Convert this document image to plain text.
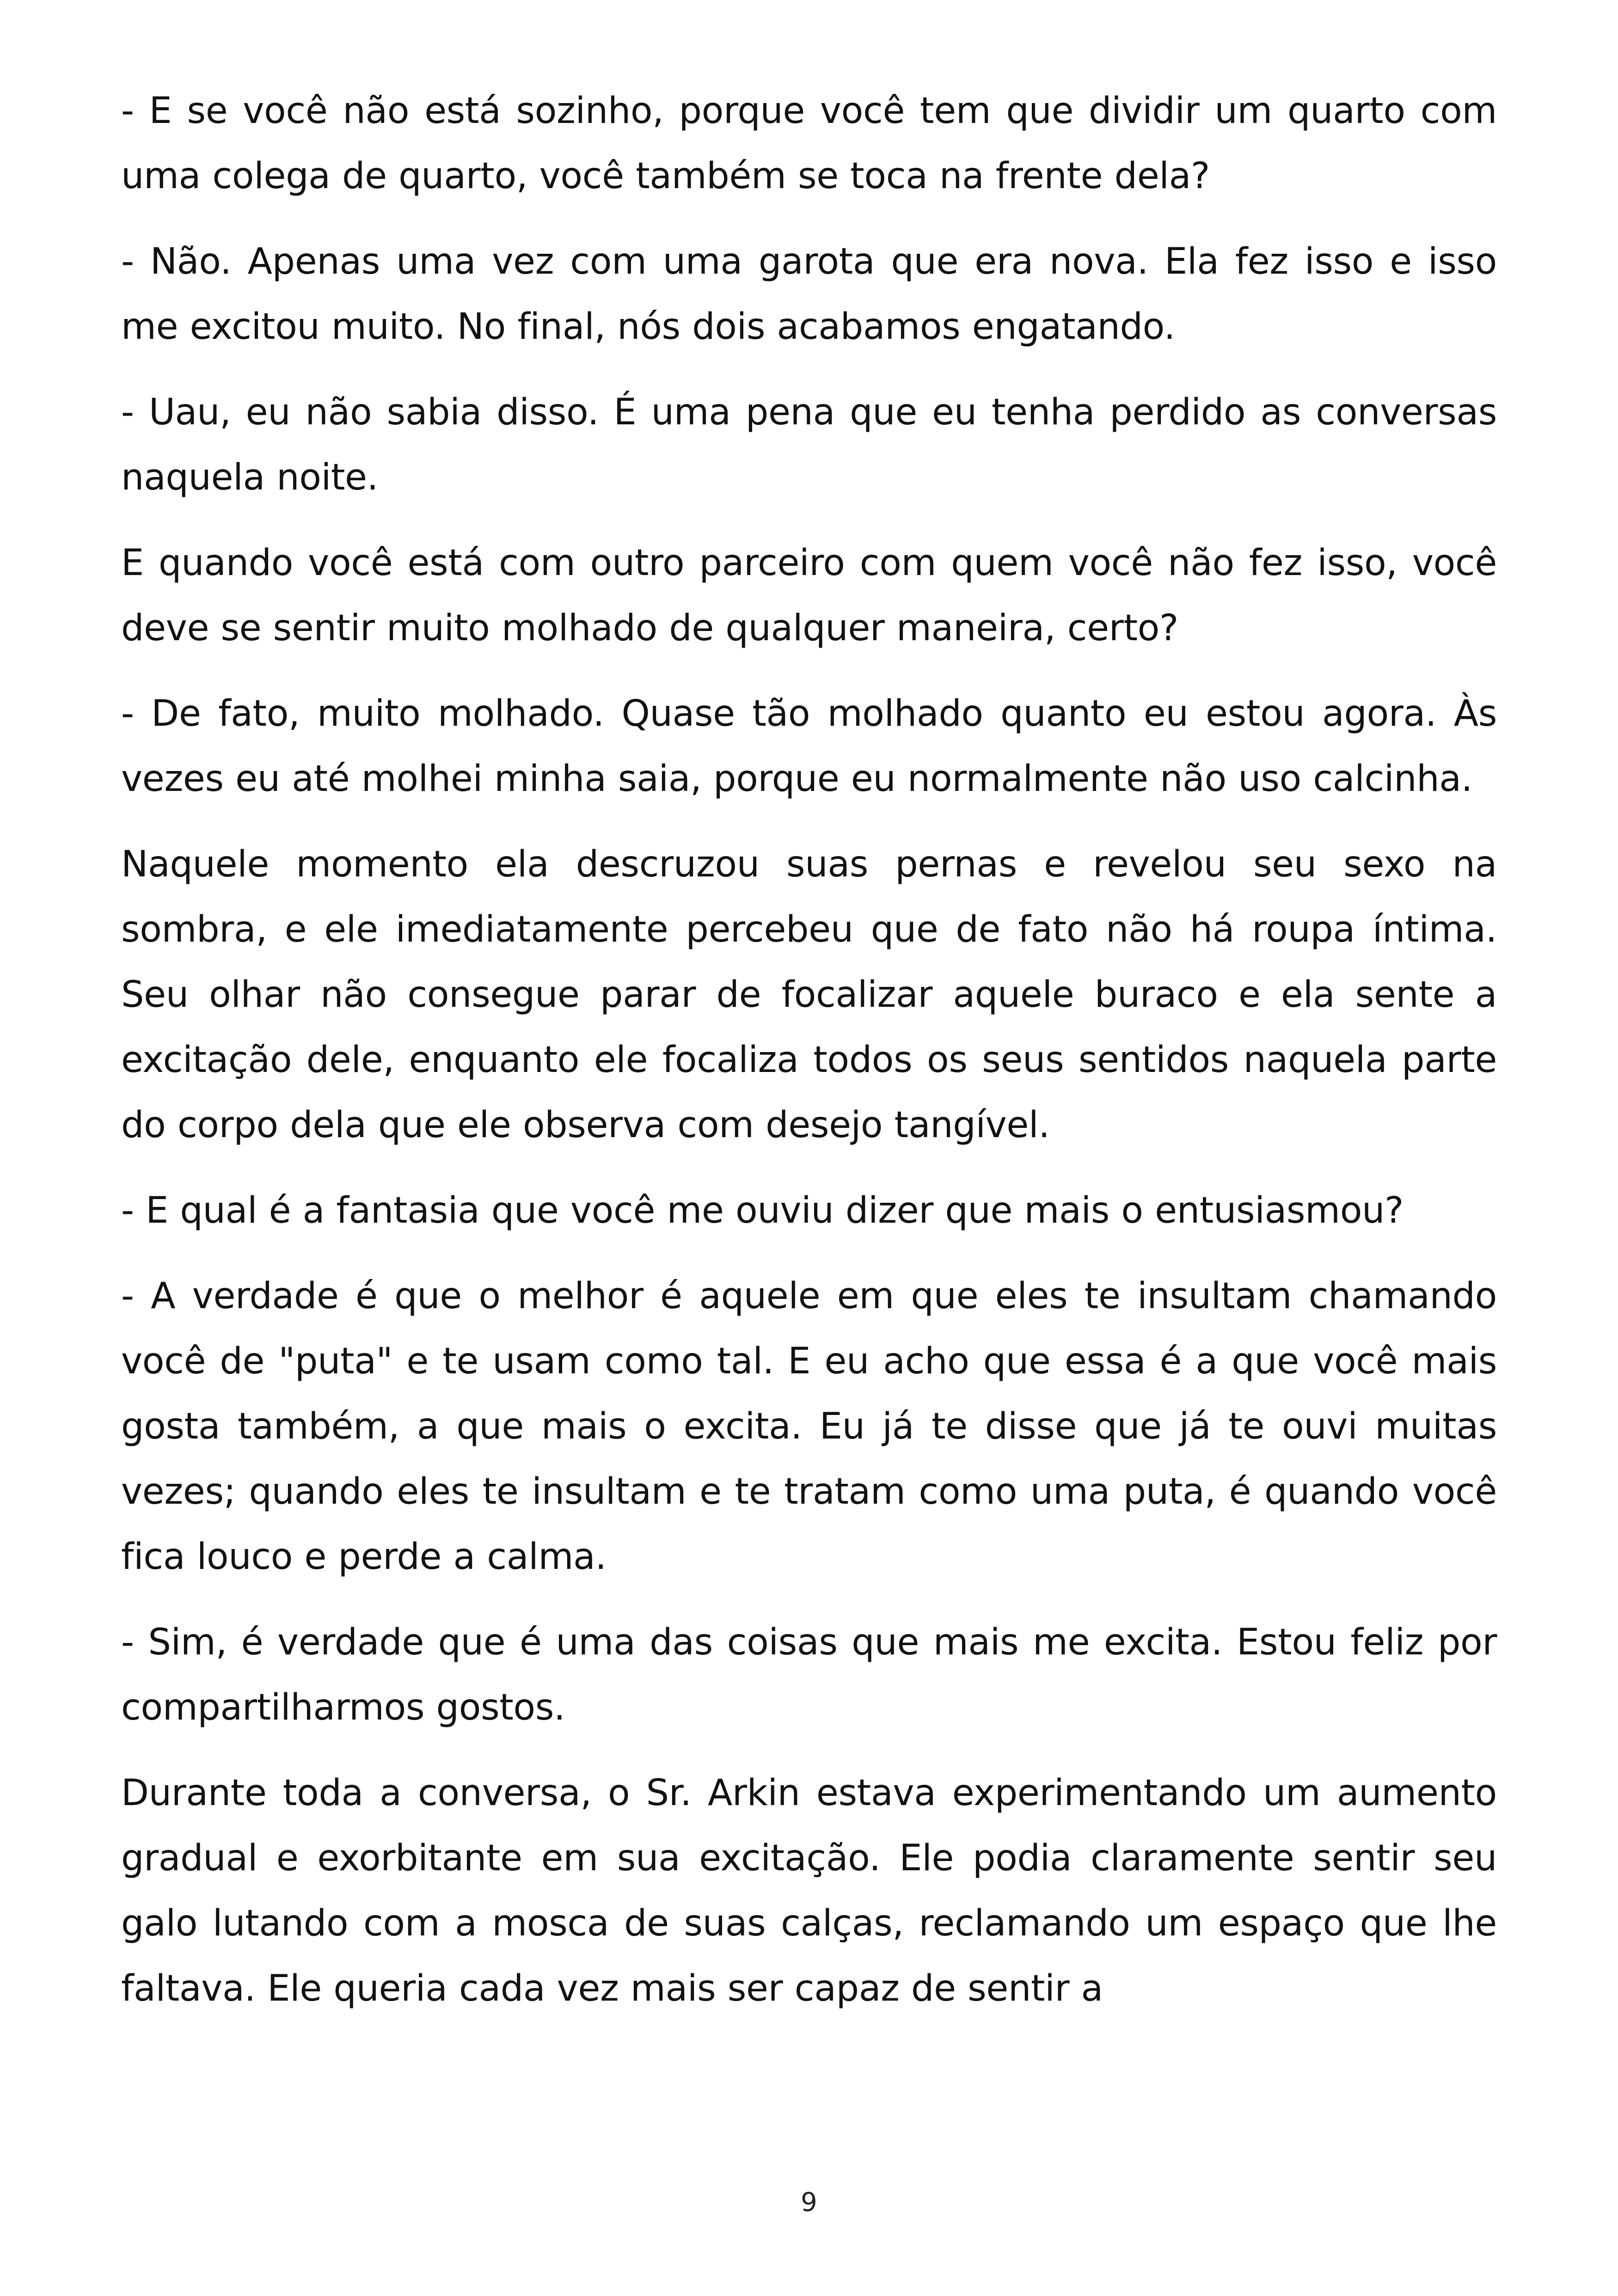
- E se você não está sozinho, porque você tem que dividir um quarto com uma colega de quarto, você também se toca na frente dela?

- Não. Apenas uma vez com uma garota que era nova. Ela fez isso e isso me excitou muito. No final, nós dois acabamos engatando.

- Uau, eu não sabia disso. É uma pena que eu tenha perdido as conversas naquela noite.

E quando você está com outro parceiro com quem você não fez isso, você deve se sentir muito molhado de qualquer maneira, certo?

- De fato, muito molhado. Quase tão molhado quanto eu estou agora. Às vezes eu até molhei minha saia, porque eu normalmente não uso calcinha.

Naquele momento ela descruzou suas pernas e revelou seu sexo na sombra, e ele imediatamente percebeu que de fato não há roupa íntima. Seu olhar não consegue parar de focalizar aquele buraco e ela sente a excitação dele, enquanto ele focaliza todos os seus sentidos naquela parte do corpo dela que ele observa com desejo tangível.

- E qual é a fantasia que você me ouviu dizer que mais o entusiasmou?

- A verdade é que o melhor é aquele em que eles te insultam chamando você de "puta" e te usam como tal. E eu acho que essa é a que você mais gosta também, a que mais o excita. Eu já te disse que já te ouvi muitas vezes; quando eles te insultam e te tratam como uma puta, é quando você fica louco e perde a calma.

- Sim, é verdade que é uma das coisas que mais me excita. Estou feliz por compartilharmos gostos.

Durante toda a conversa, o Sr. Arkin estava experimentando um aumento gradual e exorbitante em sua excitação. Ele podia claramente sentir seu galo lutando com a mosca de suas calças, reclamando um espaço que lhe faltava. Ele queria cada vez mais ser capaz de sentir a

9
